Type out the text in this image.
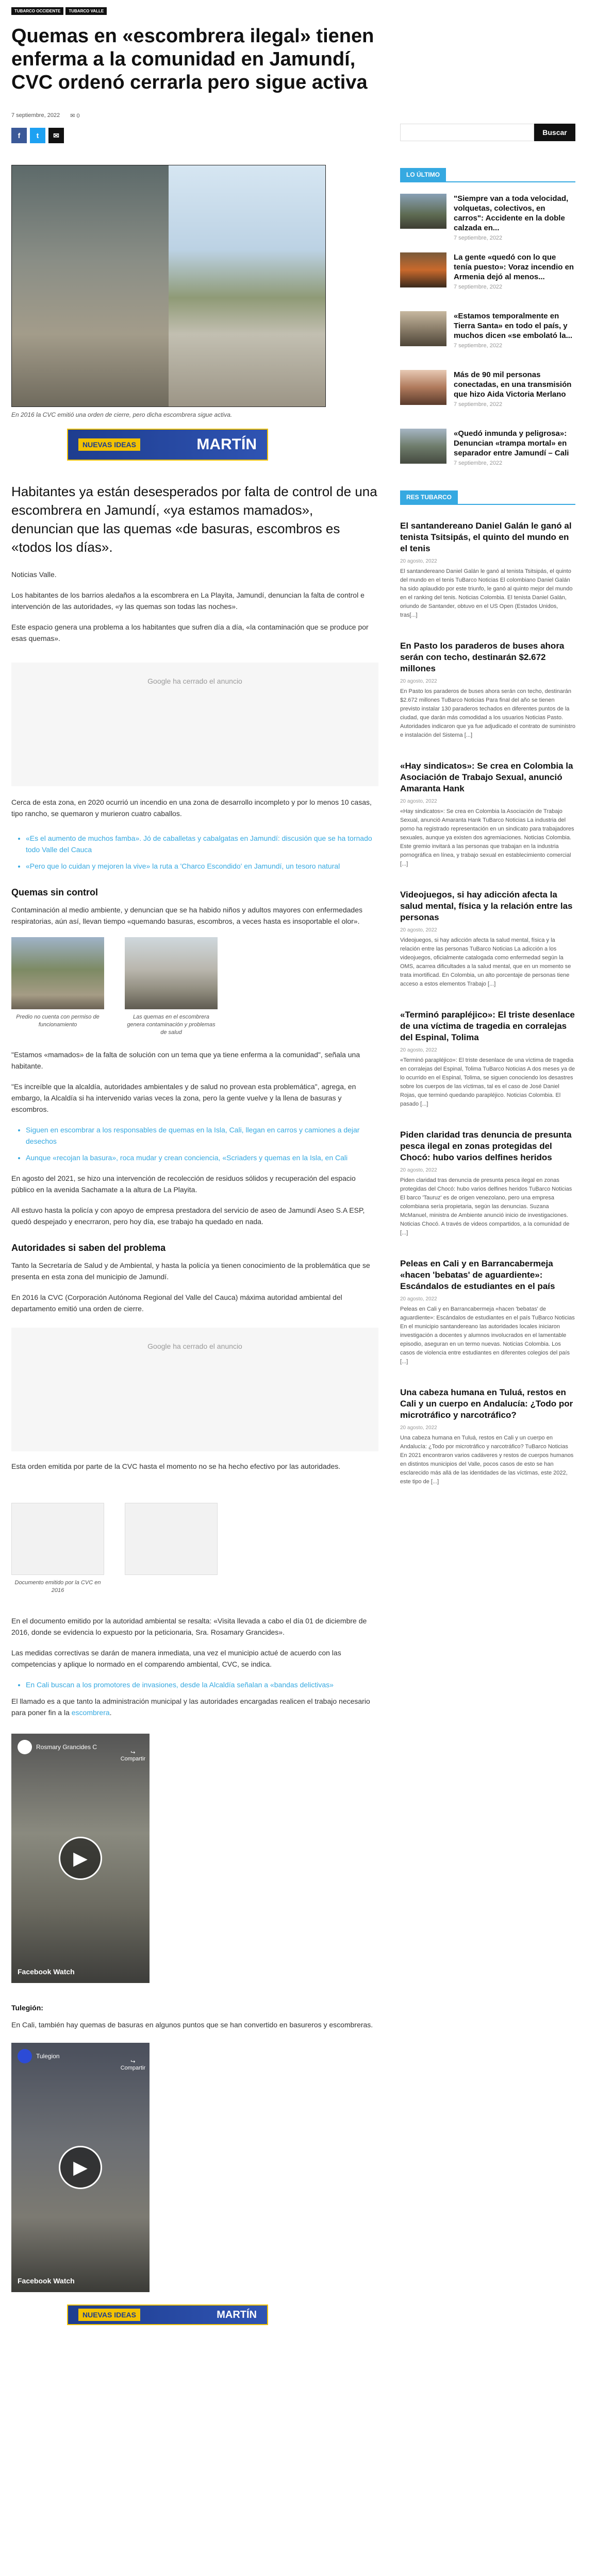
TUBARCO OCCIDENTE	TUBARCO VALLE
Quemas en «escombrera ilegal» tienen enferma a la comunidad en Jamundí, CVC ordenó cerrarla pero sigue activa
7 septiembre, 2022 ✉ 0
f	t	✉
En 2016 la CVC emitió una orden de cierre, pero dicha escombrera sigue activa.
NUEVAS IDEAS	MARTÍN
Habitantes ya están desesperados por falta de control de una escombrera en Jamundí, «ya estamos mamados», denuncian que las quemas «de basuras, escombros es «todos los días».

Noticias Valle.

Los habitantes de los barrios aledaños a la escombrera en La Playita, Jamundí, denuncian la falta de control e intervención de las autoridades, «y las quemas son todas las noches».

Este espacio genera una problema a los habitantes que sufren día a día, «la contaminación que se produce por esas quemas».

Google ha cerrado el anuncio

Cerca de esta zona, en 2020 ocurrió un incendio en una zona de desarrollo incompleto y por lo menos 10 casas, tipo rancho, se quemaron y murieron cuatro caballos.

• «Es el aumento de muchos famba». Jó de caballetas y cabalgatas en Jamundí: discusión que se ha tornado todo Valle del Cauca
• «Pero que lo cuidan y mejoren la vive» la ruta a 'Charco Escondido' en Jamundí, un tesoro natural
Quemas sin control

Contaminación al medio ambiente, y denuncian que se ha habido niños y adultos mayores con enfermedades respiratorias, aún así, llevan tiempo «quemando basuras, escombros, a veces hasta es insoportable el olor».

Predio no cuenta con permiso de funcionamiento
Las quemas en el escombrera genera contaminación y problemas de salud

"Estamos «mamados» de la falta de solución con un tema que ya tiene enferma a la comunidad", señala una habitante.

"Es increíble que la alcaldía, autoridades ambientales y de salud no provean esta problemática", agrega, en embargo, la Alcaldía si ha intervenido varias veces la zona, pero la gente vuelve y la llena de basuras y escombros.

• Siguen en escombrar a los responsables de quemas en la Isla, Cali, llegan en carros y camiones a dejar desechos
• Aunque «recojan la basura», roca mudar y crean conciencia, «Scriaders y quemas en la Isla, en Cali

En agosto del 2021, se hizo una intervención de recolección de residuos sólidos y recuperación del espacio público en la avenida Sachamate a la altura de La Playita.

All estuvo hasta la policía y con apoyo de empresa prestadora del servicio de aseo de Jamundí Aseo S.A ESP, quedó despejado y enecrraron, pero hoy día, ese trabajo ha quedado en nada.

Autoridades si saben del problema

Tanto la Secretaría de Salud y de Ambiental, y hasta la policía ya tienen conocimiento de la problemática que se presenta en esta zona del municipio de Jamundí.

En 2016 la CVC (Corporación Autónoma Regional del Valle del Cauca) máxima autoridad ambiental del departamento emitió una orden de cierre.

Google ha cerrado el anuncio

Esta orden emitida por parte de la CVC hasta el momento no se ha hecho efectivo por las autoridades.

Documento emitido por la CVC en 2016

En el documento emitido por la autoridad ambiental se resalta: «Visita llevada a cabo el día 01 de diciembre de 2016, donde se evidencia lo expuesto por la peticionaria, Sra. Rosamary Grancides».

Las medidas correctivas se darán de manera inmediata, una vez el municipio actué de acuerdo con las competencias y aplique lo normado en el comparendo ambiental, CVC, se indica.

• En Cali buscan a los promotores de invasiones, desde la Alcaldía señalan a «bandas delictivas»

El llamado es a que tanto la administración municipal y las autoridades encargadas realicen el trabajo necesario para poner fin a la escombrera.

Rosmary Grancides C
↪
Compartir
▶
Facebook Watch
Tulegión:

En Cali, también hay quemas de basuras en algunos puntos que se han convertido en basureros y escombreras.

Tulegion
↪
Compartir
▶
Facebook Watch
NUEVAS IDEAS	MARTÍN
Buscar
LO ÚLTIMO
"Siempre van a toda velocidad, volquetas, colectivos, en carros": Accidente en la doble calzada en...
7 septiembre, 2022
La gente «quedó con lo que tenía puesto»: Voraz incendio en Armenia dejó al menos...
7 septiembre, 2022
«Estamos temporalmente en Tierra Santa» en todo el país, y muchos dicen «se embolató la...
7 septiembre, 2022
Más de 90 mil personas conectadas, en una transmisión que hizo Aida Victoria Merlano
7 septiembre, 2022
«Quedó inmunda y peligrosa»: Denuncian «trampa mortal» en separador entre Jamundí – Cali
7 septiembre, 2022
RES TUBARCO
El santandereano Daniel Galán le ganó al tenista Tsitsipás, el quinto del mundo en el tenis
20 agosto, 2022
El santandereano Daniel Galán le ganó al tenista Tsitsipás, el quinto del mundo en el tenis TuBarco Noticias El colombiano Daniel Galán ha sido aplaudido por este triunfo, le ganó al quinto mejor del mundo en el ranking del tenis. Noticias Colombia. El tenista Daniel Galán, oriundo de Santander, obtuvo en el US Open (Estados Unidos, tras[...]
En Pasto los paraderos de buses ahora serán con techo, destinarán $2.672 millones
20 agosto, 2022
En Pasto los paraderos de buses ahora serán con techo, destinarán $2.672 millones TuBarco Noticias Para final del año se tienen previsto instalar 130 paraderos techados en diferentes puntos de la ciudad, que darán más comodidad a los usuarios Noticias Pasto. Autoridades indicaron que ya fue adjudicado el contrato de suministro e instalación del Sistema [...]
«Hay sindicatos»: Se crea en Colombia la Asociación de Trabajo Sexual, anunció Amaranta Hank
20 agosto, 2022
«Hay sindicatos»: Se crea en Colombia la Asociación de Trabajo Sexual, anunció Amaranta Hank TuBarco Noticias La industria del porno ha registrado representación en un sindicato para trabajadores sexuales, aunque ya existen dos agremiaciones. Noticias Colombia. Este gremio invitará a las personas que trabajan en la industria pornográfica en línea, y trabajo sexual en establecimiento comercial [...]
Videojuegos, si hay adicción afecta la salud mental, física y la relación entre las personas
20 agosto, 2022
Videojuegos, si hay adicción afecta la salud mental, física y la relación entre las personas TuBarco Noticias La adicción a los videojuegos, oficialmente catalogada como enfermedad según la OMS, acarrea dificultades a la salud mental, que en un momento se trata imortificad. En Colombia, un alto porcentaje de personas tiene acceso a estos elementos Trabajo [...]
«Terminó parapléjico»: El triste desenlace de una víctima de tragedia en corralejas del Espinal, Tolima
20 agosto, 2022
«Terminó parapléjico»: El triste desenlace de una víctima de tragedia en corralejas del Espinal, Tolima TuBarco Noticias A dos meses ya de lo ocurrido en el Espinal, Tolima, se siguen conociendo los desastres sobre los cuerpos de las víctimas, tal es el caso de José Daniel Rojas, que terminó quedando parapléjico. Noticias Colombia. El pasado [...]
Piden claridad tras denuncia de presunta pesca ilegal en zonas protegidas del Chocó: hubo varios delfines heridos
20 agosto, 2022
Piden claridad tras denuncia de presunta pesca ilegal en zonas protegidas del Chocó: hubo varios delfines heridos TuBarco Noticias El barco 'Tauruz' es de origen venezolano, pero una empresa colombiana sería propietaria, según las denuncias. Suzana McManuel, ministra de Ambiente anunció inicio de investigaciones. Noticias Chocó. A través de videos compartidos, a la comunidad de [...]
Peleas en Cali y en Barrancabermeja «hacen 'bebatas' de aguardiente»: Escándalos de estudiantes en el país
20 agosto, 2022
Peleas en Cali y en Barrancabermeja «hacen 'bebatas' de aguardiente»: Escándalos de estudiantes en el país TuBarco Noticias En el municipio santandereano las autoridades locales iniciaron investigación a docentes y alumnos involucrados en el lamentable episodio, aseguran en un termo nuevas. Noticias Colombia. Los casos de violencia entre estudiantes en diferentes colegios del país [...]
Una cabeza humana en Tuluá, restos en Cali y un cuerpo en Andalucía: ¿Todo por microtráfico y narcotráfico?
20 agosto, 2022
Una cabeza humana en Tuluá, restos en Cali y un cuerpo en Andalucía: ¿Todo por microtráfico y narcotráfico? TuBarco Noticias En 2021 encontraron varios cadáveres y restos de cuerpos humanos en distintos municipios del Valle, pocos casos de esto se han esclarecido más allá de las identidades de las víctimas, este 2022, este tipo de [...]
